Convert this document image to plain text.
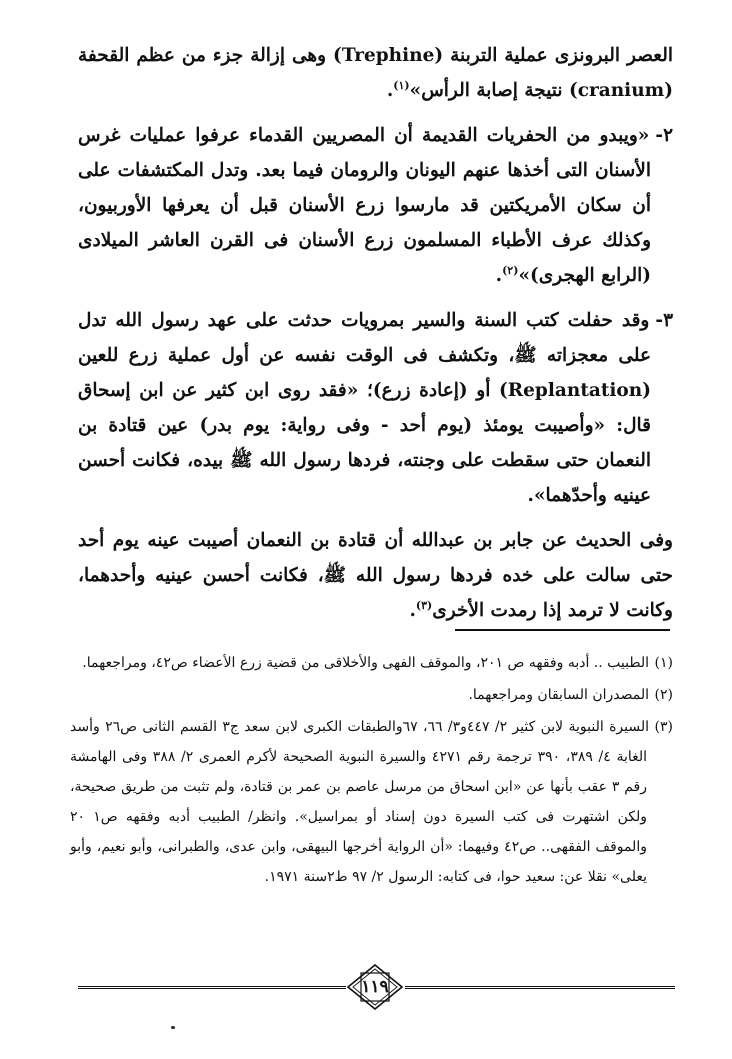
العصر البرونزى عملية التربنة (Trephine) وهى إزالة جزء من عظم القحفة (cranium) نتيجة إصابة الرأس»$^{(١)}$.

٢-«ويبدو من الحفريات القديمة أن المصريين القدماء عرفوا عمليات غرس الأسنان التى أخذها عنهم اليونان والرومان فيما بعد. وتدل المكتشفات على أن سكان الأمريكتين قد مارسوا زرع الأسنان قبل أن يعرفها الأوربيون، وكذلك عرف الأطباء المسلمون زرع الأسنان فى القرن العاشر الميلادى (الرابع الهجرى)»$^{(٢)}$.

٣-وقد حفلت كتب السنة والسير بمرويات حدثت على عهد رسول الله تدل على معجزاته ﷺ، وتكشف فى الوقت نفسه عن أول عملية زرع للعين (Replantation) أو (إعادة زرع)؛ «فقد روى ابن كثير عن ابن إسحاق قال: «وأصيبت يومئذ (يوم أحد - وفى رواية: يوم بدر) عين قتادة بن النعمان حتى سقطت على وجنته، فردها رسول الله ﷺ بيده، فكانت أحسن عينيه وأحدّهما».

وفى الحديث عن جابر بن عبدالله أن قتادة بن النعمان أصيبت عينه يوم أحد حتى سالت على خده فردها رسول الله ﷺ، فكانت أحسن عينيه وأحدهما، وكانت لا ترمد إذا رمدت الأخرى$^{(٣)}$.

(١)الطبيب .. أدبه وفقهه ص ٢٠١، والموقف الفهى والأخلاقى من قضية زرع الأعضاء ص٤٢، ومراجعهما.

(٢)المصدران السابقان ومراجعهما.

(٣)السيرة النبوية لابن كثير ٢/ ٤٤٧و٣/ ٦٦، ٦٧والطبقات الكبرى لابن سعد ج٣ القسم الثانى ص٢٦ وأسد الغابة ٤/ ٣٨٩، ٣٩٠ ترجمة رقم ٤٢٧١ والسيرة النبوية الصحيحة لأكرم العمرى ٢/ ٣٨٨ وفى الهامشة رقم ٣ عقب بأنها عن «ابن اسحاق من مرسل عاصم بن عمر بن قتادة، ولم تثبت من طريق صحيحة، ولكن اشتهرت فى كتب السيرة دون إسناد أو بمراسيل». وانظر/ الطبيب أدبه وفقهه ص١ ٢٠ والموقف الفقهى.. ص٤٢ وفيهما: «أن الرواية أخرجها البيهقى، وابن عدى، والطبرانى، وأبو نعيم، وأبو يعلى» نقلا عن: سعيد حوا، فى كتابه: الرسول ٢/ ٩٧ ط٢سنة ١٩٧١.

١١٩
